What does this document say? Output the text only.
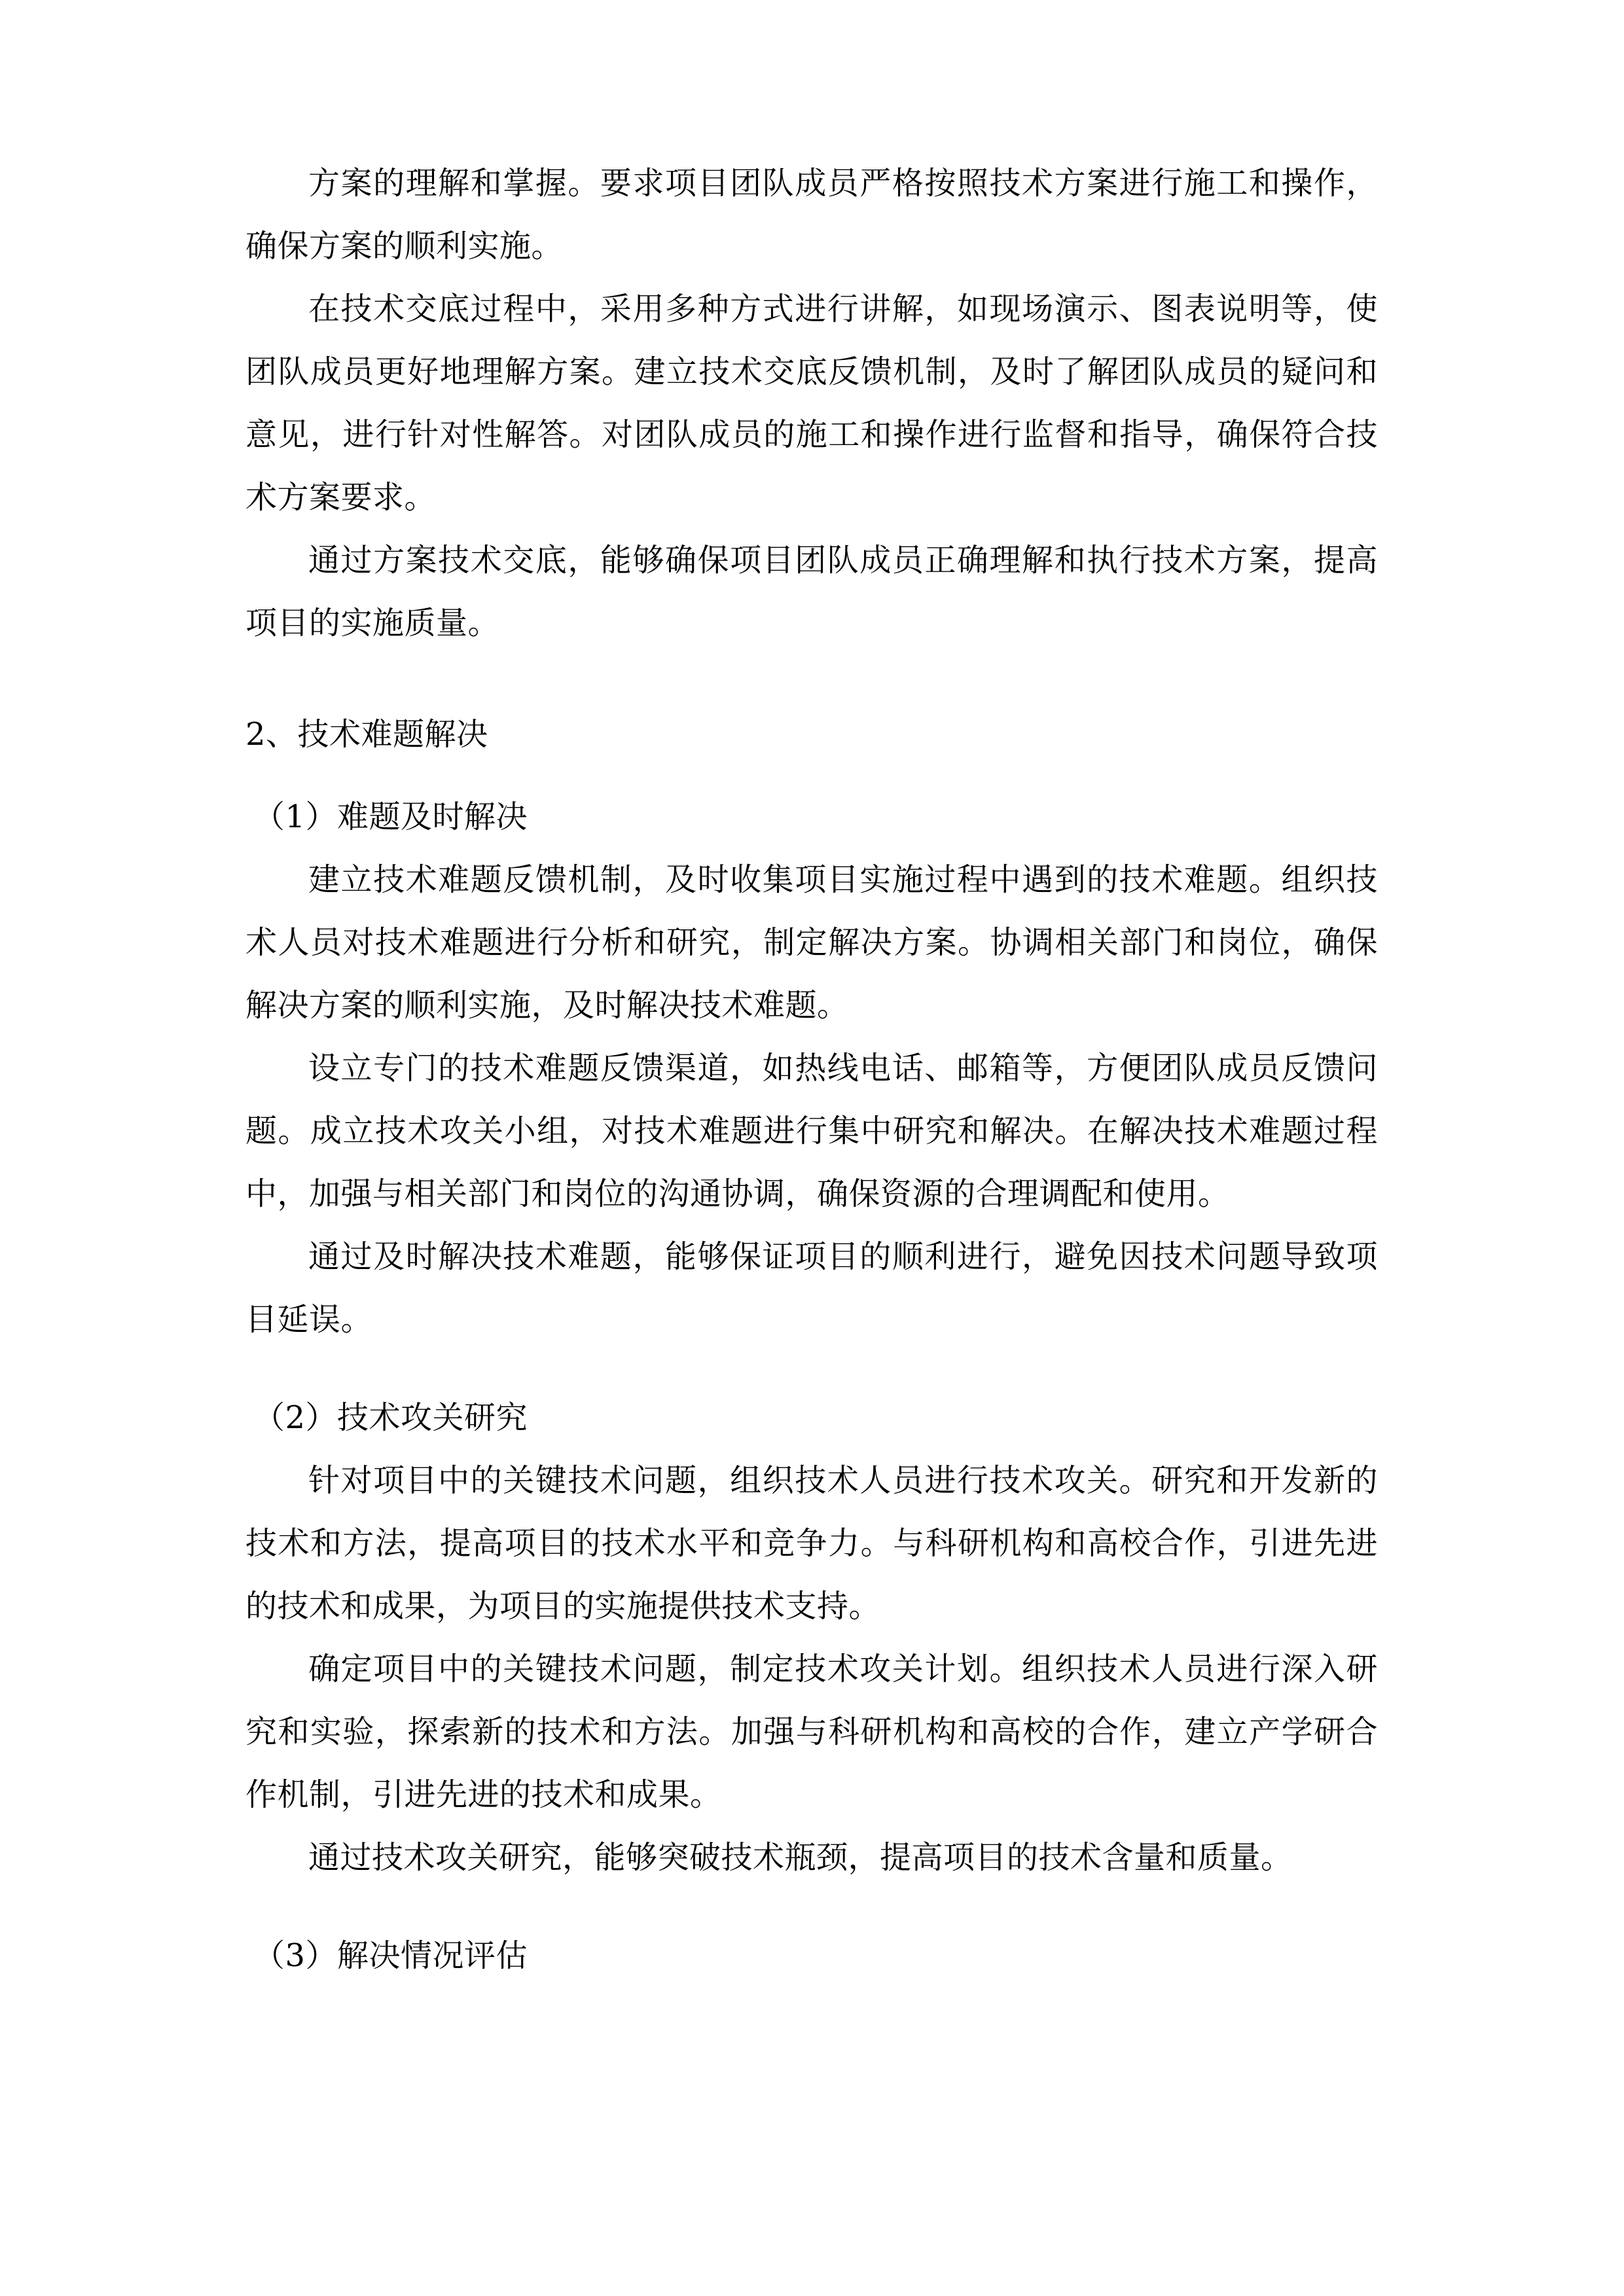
方案的理解和掌握。要求项目团队成员严格按照技术方案进行施工和操作，确保方案的顺利实施。

在技术交底过程中，采用多种方式进行讲解，如现场演示、图表说明等，使团队成员更好地理解方案。建立技术交底反馈机制，及时了解团队成员的疑问和意见，进行针对性解答。对团队成员的施工和操作进行监督和指导，确保符合技术方案要求。

通过方案技术交底，能够确保项目团队成员正确理解和执行技术方案，提高项目的实施质量。

2、技术难题解决

（1）难题及时解决

建立技术难题反馈机制，及时收集项目实施过程中遇到的技术难题。组织技术人员对技术难题进行分析和研究，制定解决方案。协调相关部门和岗位，确保解决方案的顺利实施，及时解决技术难题。

设立专门的技术难题反馈渠道，如热线电话、邮箱等，方便团队成员反馈问题。成立技术攻关小组，对技术难题进行集中研究和解决。在解决技术难题过程中，加强与相关部门和岗位的沟通协调，确保资源的合理调配和使用。

通过及时解决技术难题，能够保证项目的顺利进行，避免因技术问题导致项目延误。

（2）技术攻关研究

针对项目中的关键技术问题，组织技术人员进行技术攻关。研究和开发新的技术和方法，提高项目的技术水平和竞争力。与科研机构和高校合作，引进先进的技术和成果，为项目的实施提供技术支持。

确定项目中的关键技术问题，制定技术攻关计划。组织技术人员进行深入研究和实验，探索新的技术和方法。加强与科研机构和高校的合作，建立产学研合作机制，引进先进的技术和成果。

通过技术攻关研究，能够突破技术瓶颈，提高项目的技术含量和质量。

（3）解决情况评估
